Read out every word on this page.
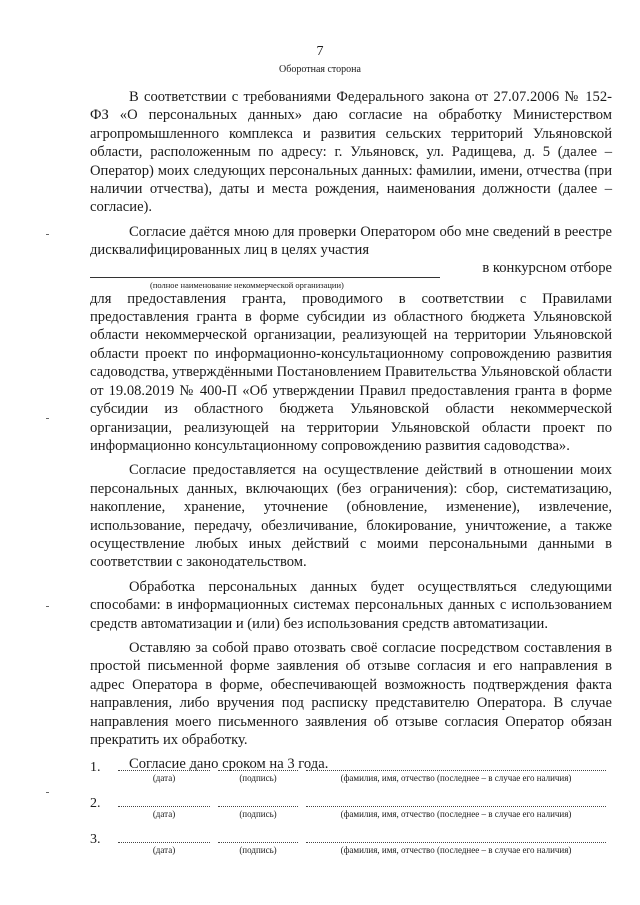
7
Оборотная сторона

В соответствии с требованиями Федерального закона от 27.07.2006 № 152-ФЗ «О персональных данных» даю согласие на обработку Министерством агропромышленного комплекса и развития сельских территорий Ульяновской области, расположенным по адресу: г. Ульяновск, ул. Радищева, д. 5 (далее – Оператор) моих следующих персональных данных: фамилии, имени, отчества (при наличии отчества), даты и места рождения, наименования должности (далее – согласие).

Согласие даётся мною для проверки Оператором обо мне сведений в реестре дисквалифицированных лиц в целях участия

в конкурсном отборе
(полное наименование некоммерческой организации)

для предоставления гранта, проводимого в соответствии с Правилами предоставления гранта в форме субсидии из областного бюджета Ульяновской области некоммерческой организации, реализующей на территории Ульяновской области проект по информационно-консультационному сопровождению развития садоводства, утверждёнными Постановлением Правительства Ульяновской области от 19.08.2019 № 400-П «Об утверждении Правил предоставления гранта в форме субсидии из областного бюджета Ульяновской области некоммерческой организации, реализующей на территории Ульяновской области проект по информационно консультационному сопровождению развития садоводства».

Согласие предоставляется на осуществление действий в отношении моих персональных данных, включающих (без ограничения): сбор, систематизацию, накопление, хранение, уточнение (обновление, изменение), извлечение, использование, передачу, обезличивание, блокирование, уничтожение, а также осуществление любых иных действий с моими персональными данными в соответствии с законодательством.

Обработка персональных данных будет осуществляться следующими способами: в информационных системах персональных данных с использованием средств автоматизации и (или) без использования средств автоматизации.

Оставляю за собой право отозвать своё согласие посредством составления в простой письменной форме заявления об отзыве согласия и его направления в адрес Оператора в форме, обеспечивающей возможность подтверждения факта направления, либо вручения под расписку представителю Оператора. В случае направления моего письменного заявления об отзыве согласия Оператор обязан прекратить их обработку.

Согласие дано сроком на 3 года.

1.
(дата)	(подпись)	(фамилия, имя, отчество (последнее – в случае его наличия)
2.
(дата)	(подпись)	(фамилия, имя, отчество (последнее – в случае его наличия)
3.
(дата)	(подпись)	(фамилия, имя, отчество (последнее – в случае его наличия)
